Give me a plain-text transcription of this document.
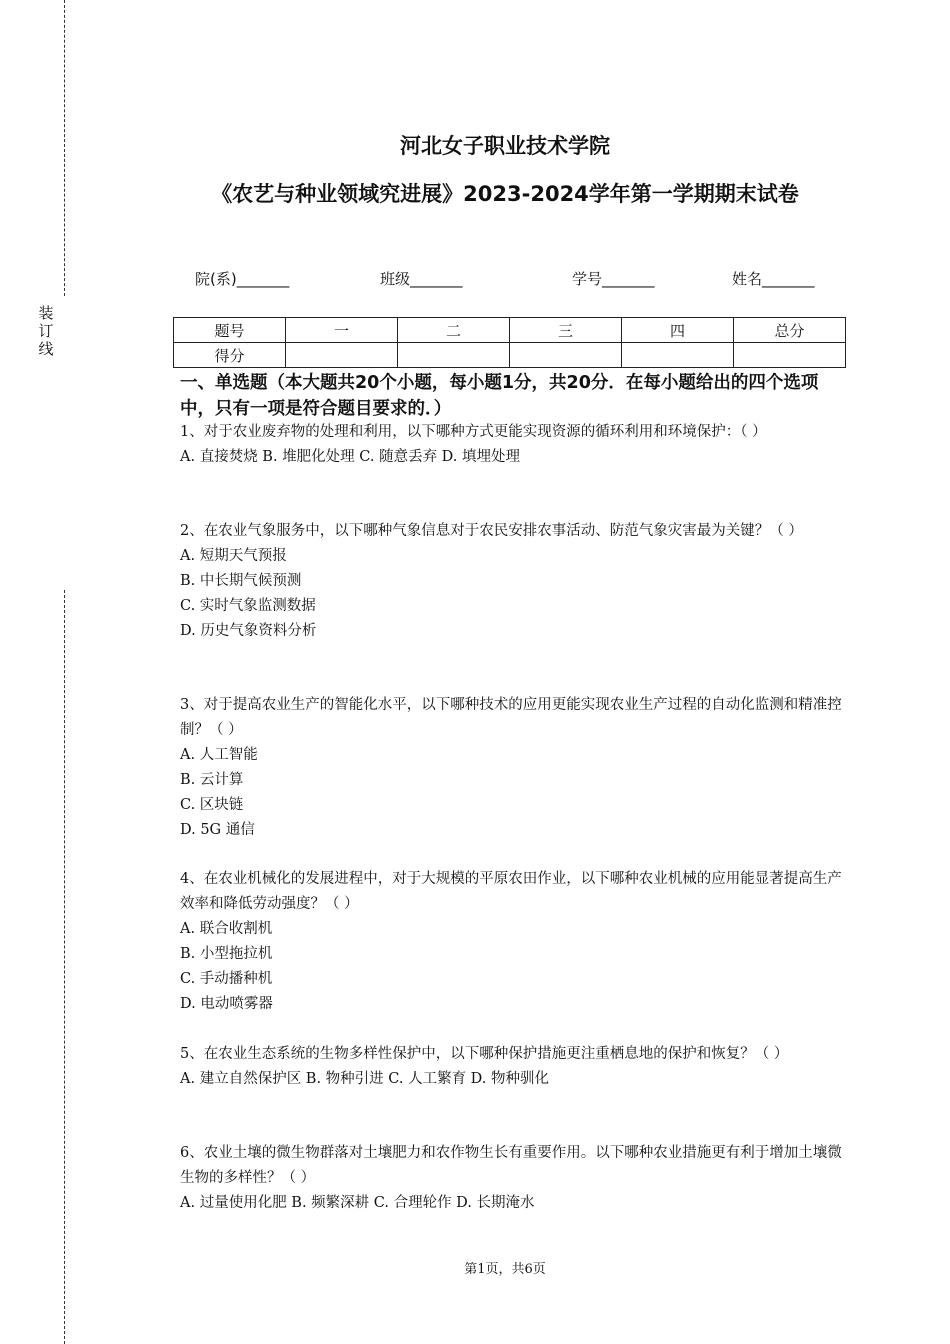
装订线
河北女子职业技术学院
《农艺与种业领域究进展》2023-2024学年第一学期期末试卷
院(系)_______	班级_______	学号_______	姓名_______
题号	一	二	三	四	总分
得分					
一、单选题（本大题共20个小题，每小题1分，共20分．在每小题给出的四个选项中，只有一项是符合题目要求的．）

1、对于农业废弃物的处理和利用，以下哪种方式更能实现资源的循环利用和环境保护：（ ）

A. 直接焚烧 B. 堆肥化处理 C. 随意丢弃 D. 填埋处理

2、在农业气象服务中，以下哪种气象信息对于农民安排农事活动、防范气象灾害最为关键？（ ）

A. 短期天气预报

B. 中长期气候预测

C. 实时气象监测数据

D. 历史气象资料分析

3、对于提高农业生产的智能化水平，以下哪种技术的应用更能实现农业生产过程的自动化监测和精准控制？（ ）

A. 人工智能

B. 云计算

C. 区块链

D. 5G 通信

4、在农业机械化的发展进程中，对于大规模的平原农田作业，以下哪种农业机械的应用能显著提高生产效率和降低劳动强度？（ ）

A. 联合收割机

B. 小型拖拉机

C. 手动播种机

D. 电动喷雾器

5、在农业生态系统的生物多样性保护中，以下哪种保护措施更注重栖息地的保护和恢复？（ ）

A. 建立自然保护区 B. 物种引进 C. 人工繁育 D. 物种驯化

6、农业土壤的微生物群落对土壤肥力和农作物生长有重要作用。以下哪种农业措施更有利于增加土壤微生物的多样性？（ ）

A. 过量使用化肥 B. 频繁深耕 C. 合理轮作 D. 长期淹水

第1页，共6页
